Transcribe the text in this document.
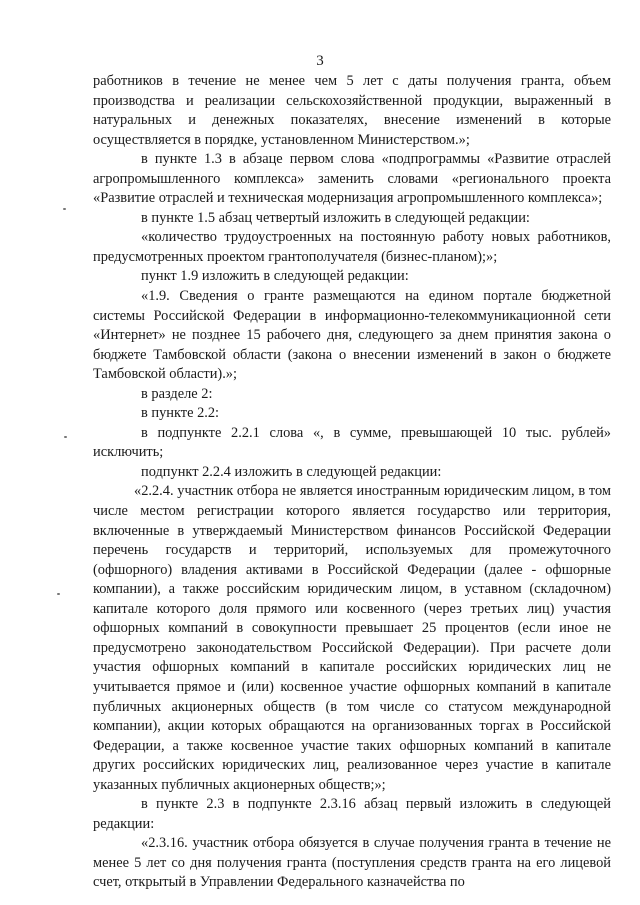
3

работников в течение не менее чем 5 лет с даты получения гранта, объем производства и реализации сельскохозяйственной продукции, выраженный в натуральных и денежных показателях, внесение изменений в которые осуществляется в порядке, установленном Министерством.»;

в пункте 1.3 в абзаце первом слова «подпрограммы «Развитие отраслей агропромышленного комплекса» заменить словами «регионального проекта «Развитие отраслей и техническая модернизация агропромышленного комплекса»;

в пункте 1.5 абзац четвертый изложить в следующей редакции:

«количество трудоустроенных на постоянную работу новых работников, предусмотренных проектом грантополучателя (бизнес-планом);»;

пункт 1.9 изложить в следующей редакции:

«1.9. Сведения о гранте размещаются на едином портале бюджетной системы Российской Федерации в информационно-телекоммуникационной сети «Интернет» не позднее 15 рабочего дня, следующего за днем принятия закона о бюджете Тамбовской области (закона о внесении изменений в закон о бюджете Тамбовской области).»;

в разделе 2:

в пункте 2.2:

в подпункте 2.2.1 слова «, в сумме, превышающей 10 тыс. рублей» исключить;

подпункт 2.2.4 изложить в следующей редакции:

«2.2.4. участник отбора не является иностранным юридическим лицом, в том числе местом регистрации которого является государство или территория, включенные в утверждаемый Министерством финансов Российской Федерации перечень государств и территорий, используемых для промежуточного (офшорного) владения активами в Российской Федерации (далее - офшорные компании), а также российским юридическим лицом, в уставном (складочном) капитале которого доля прямого или косвенного (через третьих лиц) участия офшорных компаний в совокупности превышает 25 процентов (если иное не предусмотрено законодательством Российской Федерации). При расчете доли участия офшорных компаний в капитале российских юридических лиц не учитывается прямое и (или) косвенное участие офшорных компаний в капитале публичных акционерных обществ (в том числе со статусом международной компании), акции которых обращаются на организованных торгах в Российской Федерации, а также косвенное участие таких офшорных компаний в капитале других российских юридических лиц, реализованное через участие в капитале указанных публичных акционерных обществ;»;

в пункте 2.3 в подпункте 2.3.16 абзац первый изложить в следующей редакции:

«2.3.16. участник отбора обязуется в случае получения гранта в течение не менее 5 лет со дня получения гранта (поступления средств гранта на его лицевой счет, открытый в Управлении Федерального казначейства по
